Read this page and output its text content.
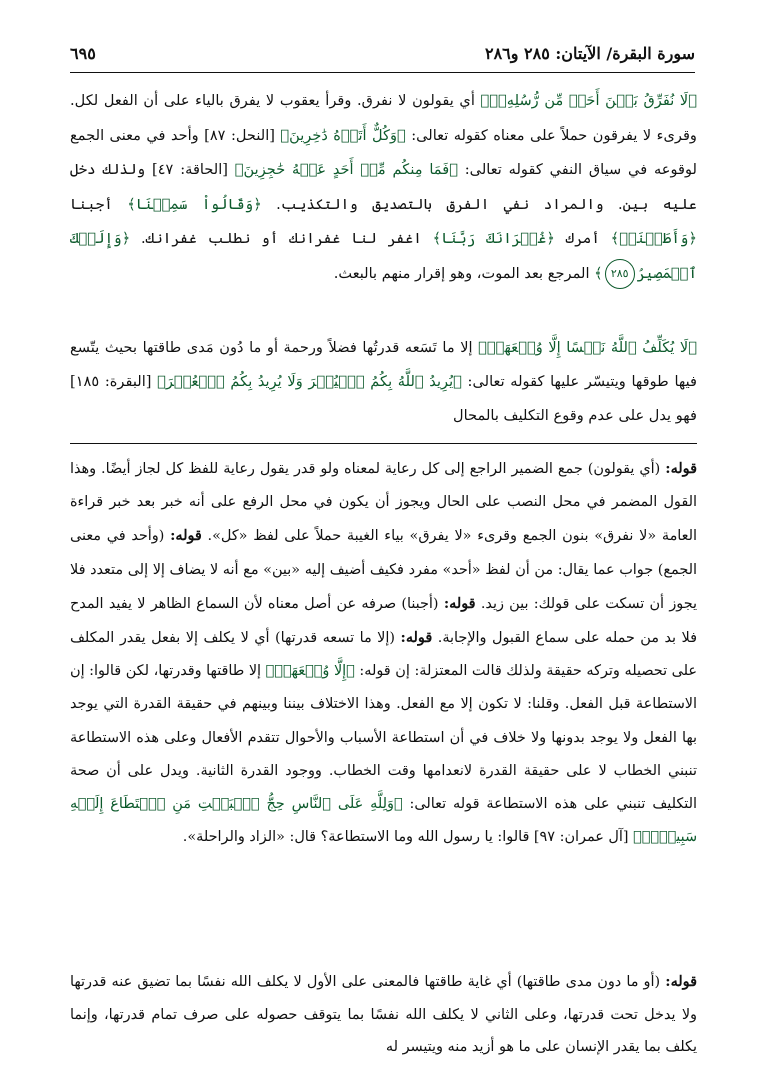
سورة البقرة/ الآيتان: ٢٨٥ و٢٨٦
٦٩٥

﴿لَا نُفَرِّقُ بَيۡنَ أَحَدٖ مِّن رُّسُلِهِۦۚ﴾ أي يقولون لا نفرق. وقرأ يعقوب لا يفرق بالياء على أن الفعل لكل. وقرىء لا يفرقون حملاً على معناه كقوله تعالى: ﴿وَكُلٌّ أَتَوۡهُ دَٰخِرِينَ﴾ [النحل: ٨٧] وأحد في معنى الجمع لوقوعه في سياق النفي كقوله تعالى: ﴿فَمَا مِنكُم مِّنۡ أَحَدٍ عَنۡهُ حَٰجِزِينَ﴾ [الحاقة: ٤٧] ولذلك دخل عليه بين. والمراد نفي الفرق بالتصديق والتكذيب. ﴿وَقَالُواْ سَمِعۡنَا﴾ أجبنا ﴿وَأَطَعۡنَاۖ﴾ أمرك ﴿غُفۡرَانَكَ رَبَّنَا﴾ اغفر لنا غفرانك أو نطلب غفرانك. ﴿وَإِلَيۡكَ ٱلۡمَصِيرُ٢٨٥﴾ المرجع بعد الموت، وهو إقرار منهم بالبعث.

﴿لَا يُكَلِّفُ ٱللَّهُ نَفۡسًا إِلَّا وُسۡعَهَاۚ﴾ إلا ما تَسَعه قدرتُها فضلاً ورحمة أو ما دُون مَدى طاقتها بحيث يتّسع فيها طوقها ويتيسّر عليها كقوله تعالى: ﴿يُرِيدُ ٱللَّهُ بِكُمُ ٱلۡيُسۡرَ وَلَا يُرِيدُ بِكُمُ ٱلۡعُسۡرَ﴾ [البقرة: ١٨٥] فهو يدل على عدم وقوع التكليف بالمحال

قوله: (أي يقولون) جمع الضمير الراجع إلى كل رعاية لمعناه ولو قدر يقول رعاية للفظ كل لجاز أيضًا. وهذا القول المضمر في محل النصب على الحال ويجوز أن يكون في محل الرفع على أنه خبر بعد خبر قراءة العامة «لا نفرق» بنون الجمع وقرىء «لا يفرق» بياء الغيبة حملاً على لفظ «كل». قوله: (وأحد في معنى الجمع) جواب عما يقال: من أن لفظ «أحد» مفرد فكيف أضيف إليه «بين» مع أنه لا يضاف إلا إلى متعدد فلا يجوز أن تسكت على قولك: بين زيد. قوله: (أجبنا) صرفه عن أصل معناه لأن السماع الظاهر لا يفيد المدح فلا بد من حمله على سماع القبول والإجابة. قوله: (إلا ما تسعه قدرتها) أي لا يكلف إلا بفعل يقدر المكلف على تحصيله وتركه حقيقة ولذلك قالت المعتزلة: إن قوله: ﴿إِلَّا وُسۡعَهَاۚ﴾ إلا طاقتها وقدرتها، لكن قالوا: إن الاستطاعة قبل الفعل. وقلنا: لا تكون إلا مع الفعل. وهذا الاختلاف بيننا وبينهم في حقيقة القدرة التي يوجد بها الفعل ولا يوجد بدونها ولا خلاف في أن استطاعة الأسباب والأحوال تتقدم الأفعال وعلى هذه الاستطاعة تنبني الخطاب لا على حقيقة القدرة لانعدامها وقت الخطاب. ووجود القدرة الثانية. ويدل على أن صحة التكليف تنبني على هذه الاستطاعة قوله تعالى: ﴿وَلِلَّهِ عَلَى ٱلنَّاسِ حِجُّ ٱلۡبَيۡتِ مَنِ ٱسۡتَطَاعَ إِلَيۡهِ سَبِيلٗاۚ﴾ [آل عمران: ٩٧] قالوا: يا رسول الله وما الاستطاعة؟ قال: «الزاد والراحلة».

قوله: (أو ما دون مدى طاقتها) أي غاية طاقتها فالمعنى على الأول لا يكلف الله نفسًا بما تضيق عنه قدرتها ولا يدخل تحت قدرتها، وعلى الثاني لا يكلف الله نفسًا بما يتوقف حصوله على صرف تمام قدرتها، وإنما يكلف بما يقدر الإنسان على ما هو أزيد منه ويتيسر له
